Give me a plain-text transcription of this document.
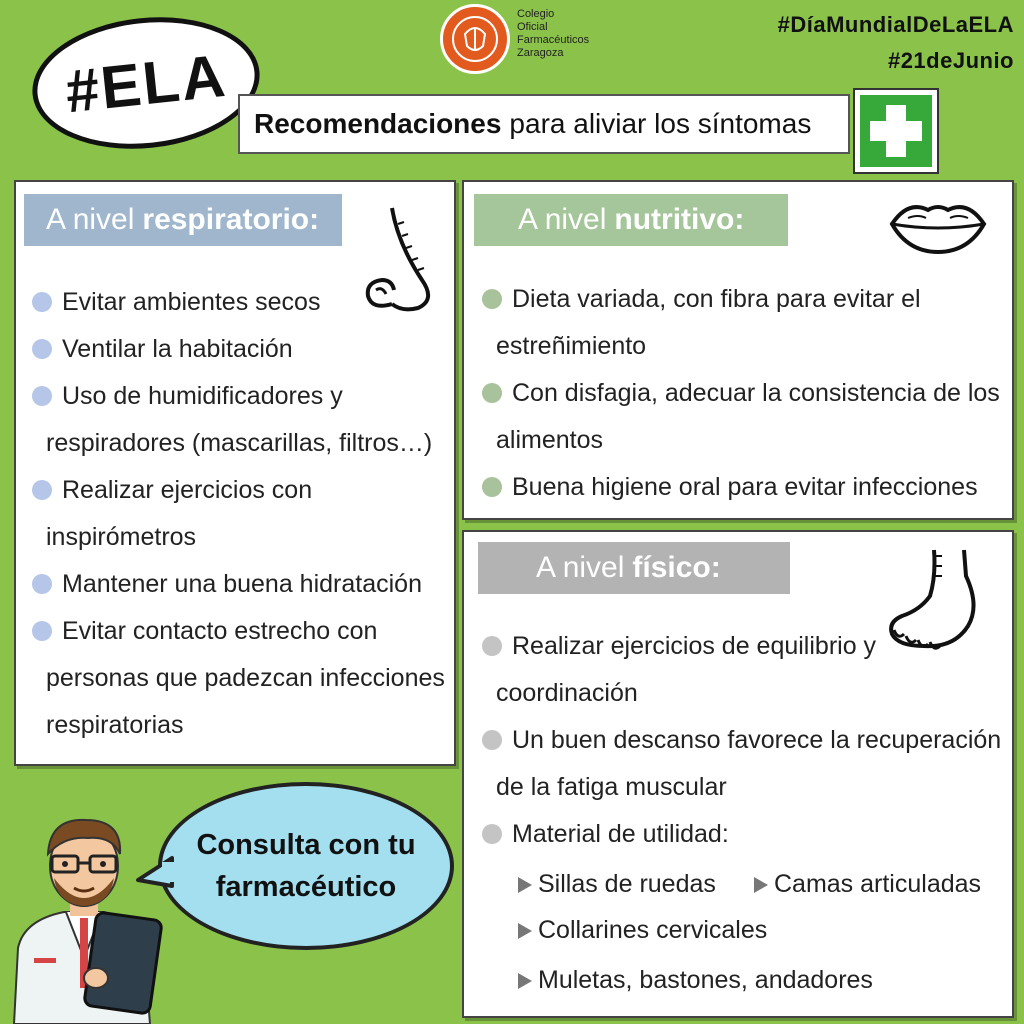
Colegio
Oficial
Farmacéuticos
Zaragoza
#DíaMundialDeLaELA
#21deJunio
#ELA Recomendaciones para aliviar los síntomas
A nivel respiratorio:
Evitar ambientes secos
Ventilar la habitación
Uso de humidificadores y
respiradores (mascarillas, filtros…)
Realizar ejercicios con
inspirómetros
Mantener una buena hidratación
Evitar contacto estrecho con
personas que padezcan infecciones
respiratorias
A nivel nutritivo:
Dieta variada, con fibra para evitar el
estreñimiento
Con disfagia, adecuar la consistencia de los
alimentos
Buena higiene oral para evitar infecciones
A nivel físico:
Realizar ejercicios de equilibrio y
coordinación
Un buen descanso favorece la recuperación
de la fatiga muscular
Material de utilidad:
Sillas de ruedas	Camas articuladas
Collarines cervicales
Muletas, bastones, andadores
Consulta con tu
farmacéutico
